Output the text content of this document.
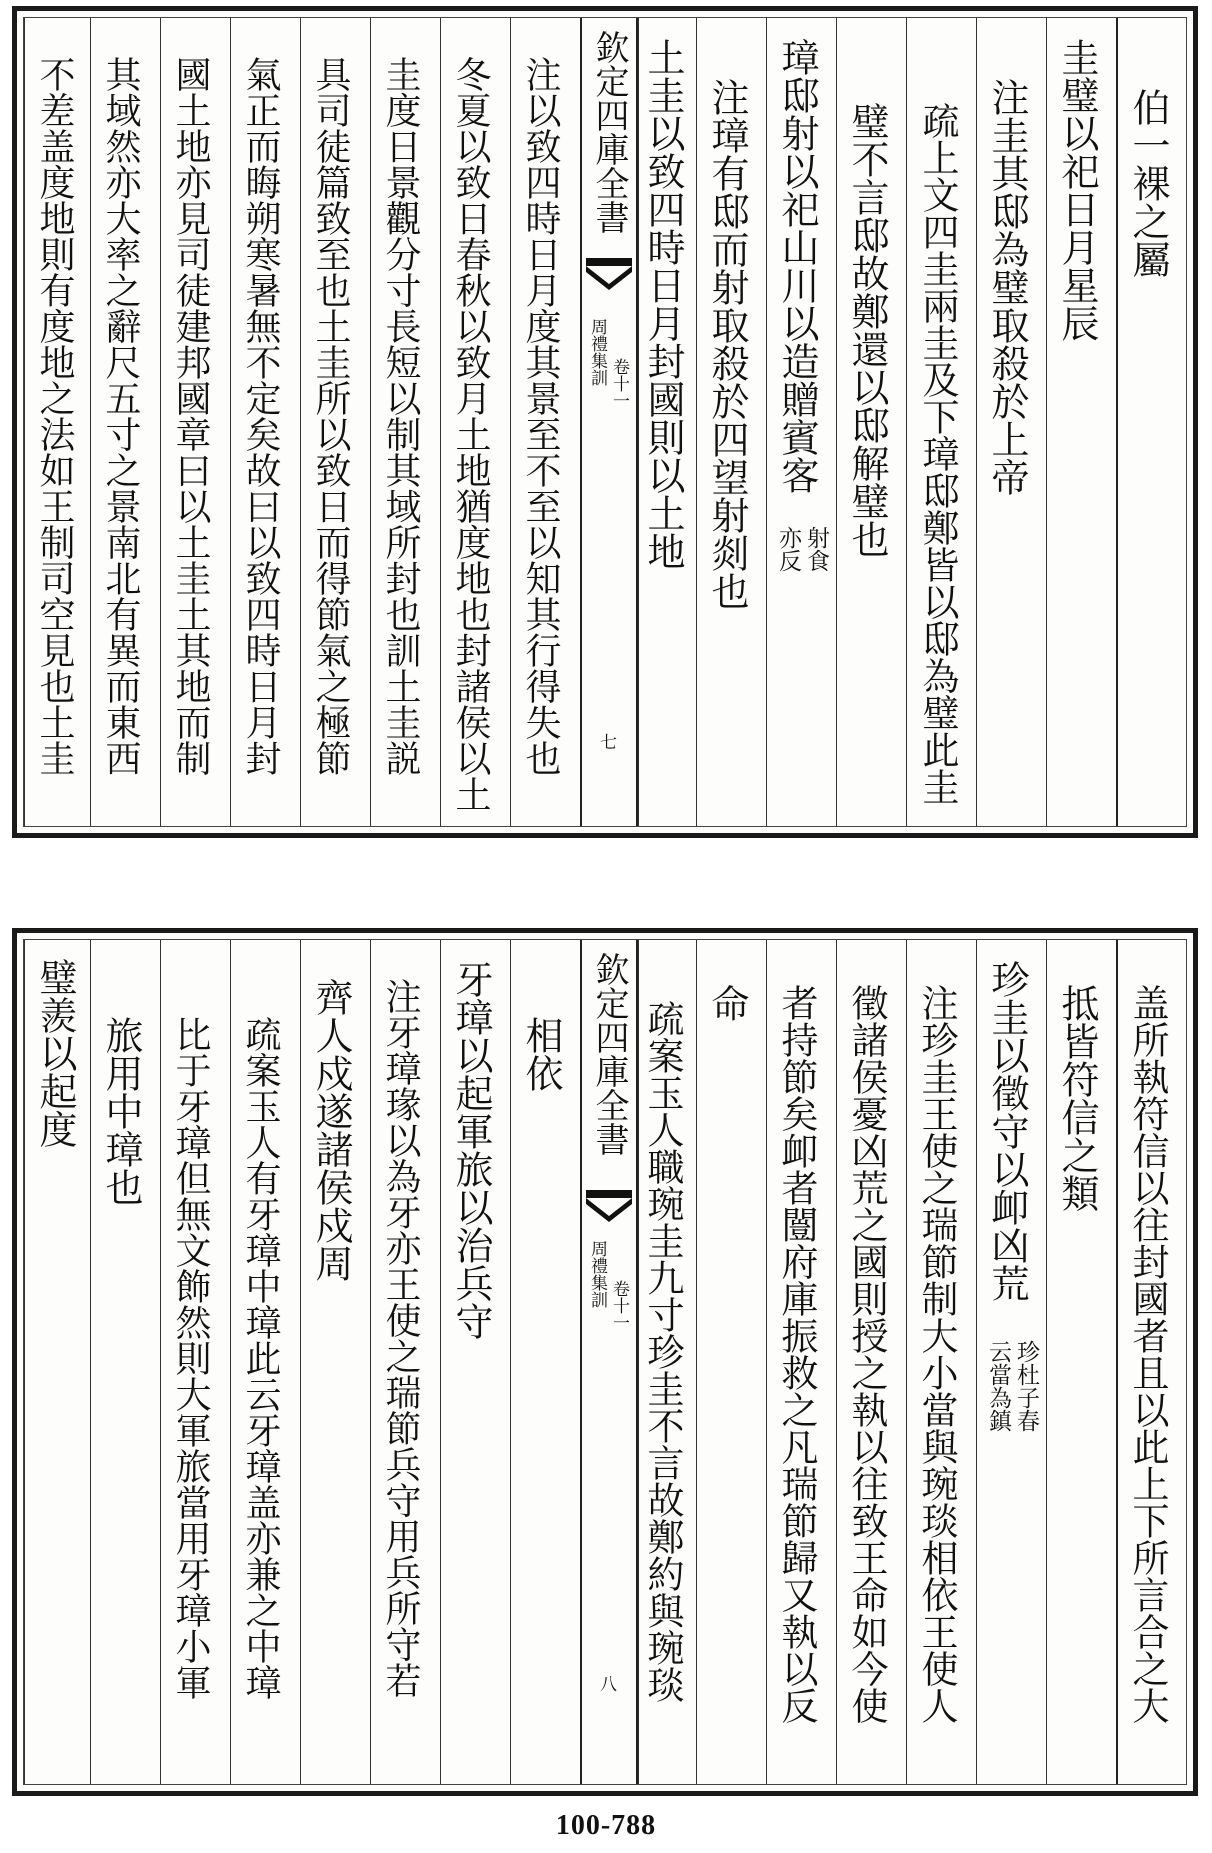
伯一裸之屬
圭璧以祀日月星辰
注圭其邸為璧取殺於上帝
疏上文四圭兩圭及下璋邸鄭皆以邸為璧此圭
璧不言邸故鄭還以邸解璧也
璋邸射以祀山川以造贈賓客
射食
亦反
注璋有邸而射取殺於四望射剡也
土圭以致四時日月封國則以土地
欽定四庫全書
周禮集訓 卷十一
七
注以致四時日月度其景至不至以知其行得失也
冬夏以致日春秋以致月土地猶度地也封諸侯以土
圭度日景觀分寸長短以制其域所封也訓土圭説
具司徒篇致至也土圭所以致日而得節氣之極節
氣正而晦朔寒暑無不定矣故曰以致四時日月封
國土地亦見司徒建邦國章曰以土圭土其地而制
其域然亦大率之辭尺五寸之景南北有異而東西
不差盖度地則有度地之法如王制司空見也土圭
盖所執符信以往封國者且以此上下所言合之大
抵皆符信之類
珍圭以徵守以卹凶荒
珍杜子春
云當為鎮
注珍圭王使之瑞節制大小當與琬琰相依王使人
徵諸侯憂凶荒之國則授之執以往致王命如今使
者持節矣卹者闓府庫振救之凡瑞節歸又執以反
命
疏案玉人職琬圭九寸珍圭不言故鄭約與琬琰
欽定四庫全書
周禮集訓 卷十一
八
相依
牙璋以起軍旅以治兵守
注牙璋瑑以為牙亦王使之瑞節兵守用兵所守若
齊人戍遂諸侯戍周
疏案玉人有牙璋中璋此云牙璋盖亦兼之中璋
比于牙璋但無文飾然則大軍旅當用牙璋小軍
旅用中璋也
璧羨以起度
100-788
